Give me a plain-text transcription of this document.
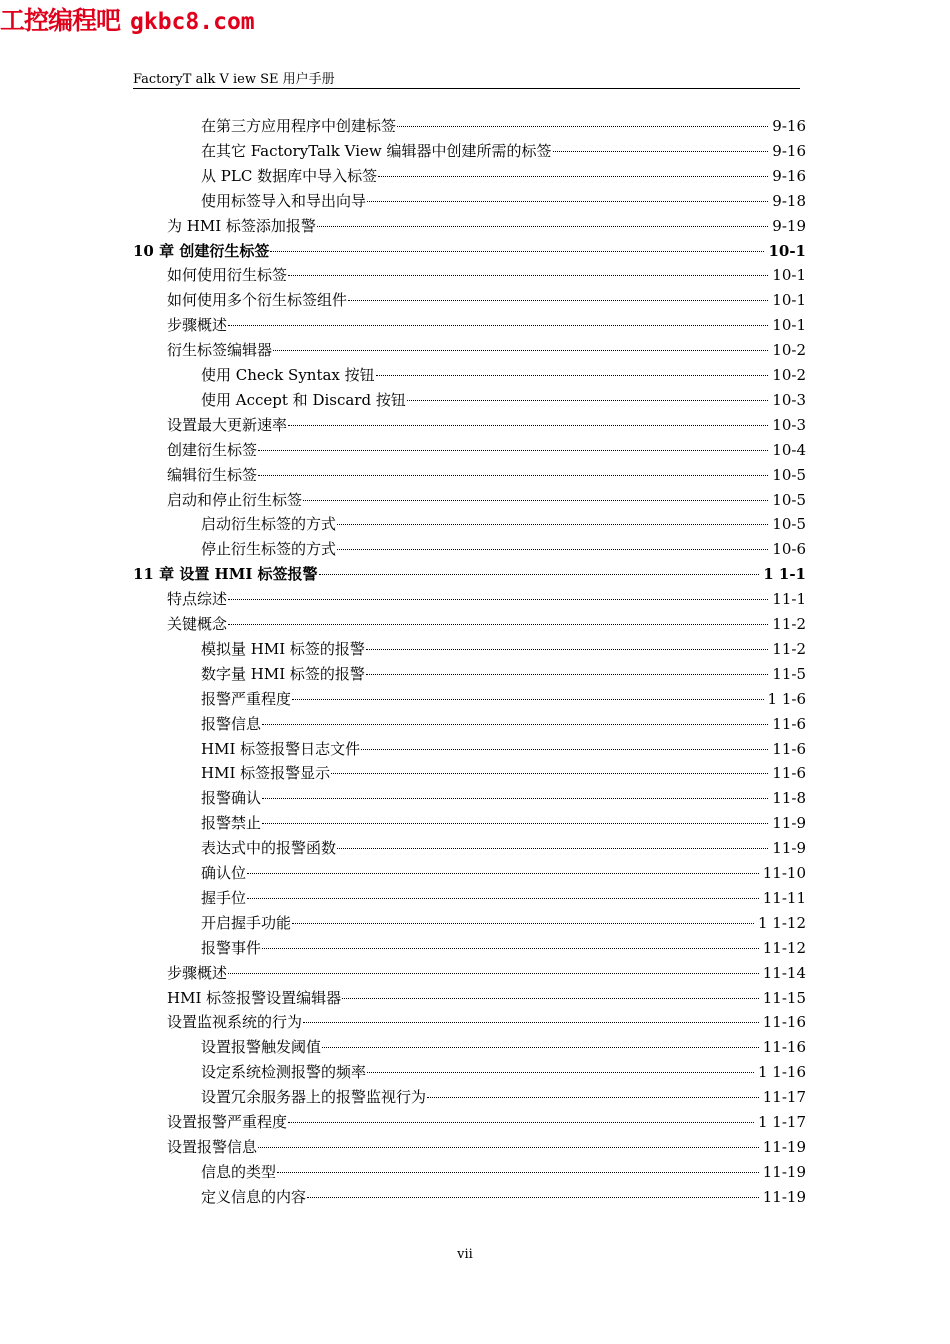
工控编程吧 gkbc8.com
FactoryT alk V iew SE 用户手册
在第三方应用程序中创建标签	9-16
在其它 FactoryTalk View 编辑器中创建所需的标签	9-16
从 PLC 数据库中导入标签	9-16
使用标签导入和导出向导	9-18
为 HMI 标签添加报警	9-19
10 章 创建衍生标签	10-1
如何使用衍生标签	10-1
如何使用多个衍生标签组件	10-1
步骤概述	10-1
衍生标签编辑器	10-2
使用 Check Syntax 按钮	10-2
使用 Accept 和 Discard 按钮	10-3
设置最大更新速率	10-3
创建衍生标签	10-4
编辑衍生标签	10-5
启动和停止衍生标签	10-5
启动衍生标签的方式	10-5
停止衍生标签的方式	10-6
11 章 设置 HMI 标签报警	1 1-1
特点综述	11-1
关键概念	11-2
模拟量 HMI 标签的报警	11-2
数字量 HMI 标签的报警	11-5
报警严重程度	1 1-6
报警信息	11-6
HMI 标签报警日志文件	11-6
HMI 标签报警显示	11-6
报警确认	11-8
报警禁止	11-9
表达式中的报警函数	11-9
确认位	11-10
握手位	11-11
开启握手功能	1 1-12
报警事件	11-12
步骤概述	11-14
HMI 标签报警设置编辑器	11-15
设置监视系统的行为	11-16
设置报警触发阈值	11-16
设定系统检测报警的频率	1 1-16
设置冗余服务器上的报警监视行为	11-17
设置报警严重程度	1 1-17
设置报警信息	11-19
信息的类型	11-19
定义信息的内容	11-19
vii
